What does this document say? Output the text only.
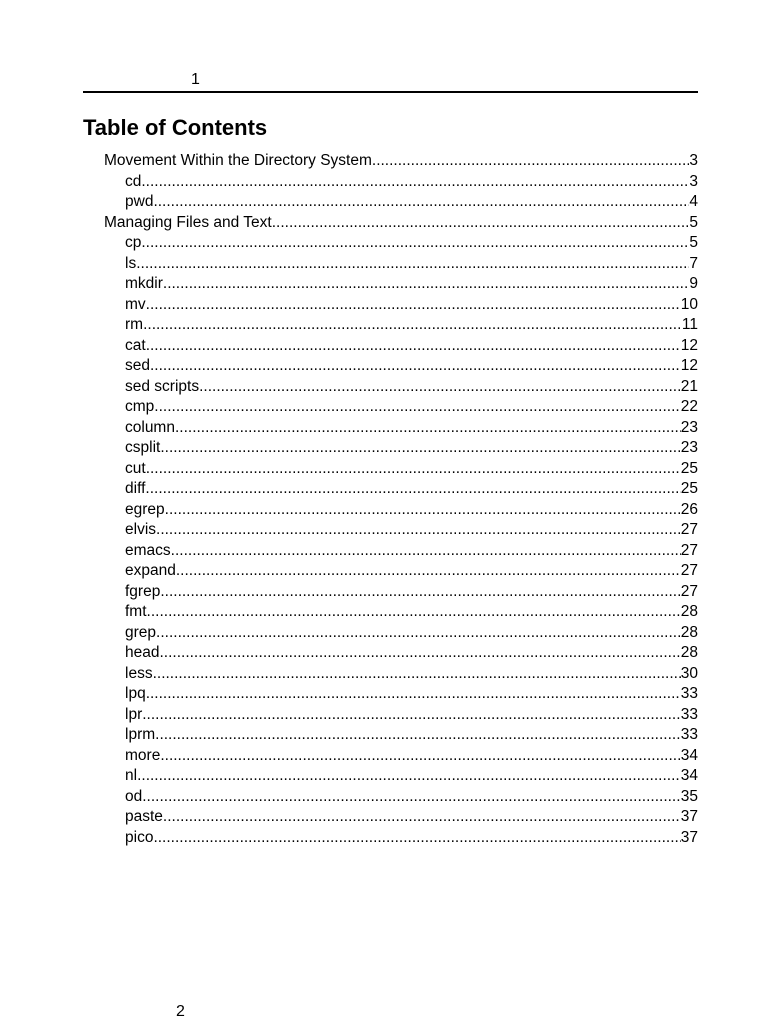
1
Table of Contents
Movement Within the Directory System .....	3
cd .....	3
pwd .....	4
Managing Files and Text .....	5
cp .....	5
ls .....	7
mkdir .....	9
mv .....	10
rm .....	11
cat .....	12
sed .....	12
sed scripts .....	21
cmp .....	22
column .....	23
csplit .....	23
cut .....	25
diff .....	25
egrep .....	26
elvis .....	27
emacs .....	27
expand .....	27
fgrep .....	27
fmt .....	28
grep .....	28
head .....	28
less .....	30
lpq .....	33
lpr .....	33
lprm .....	33
more .....	34
nl .....	34
od .....	35
paste .....	37
pico .....	37
2
